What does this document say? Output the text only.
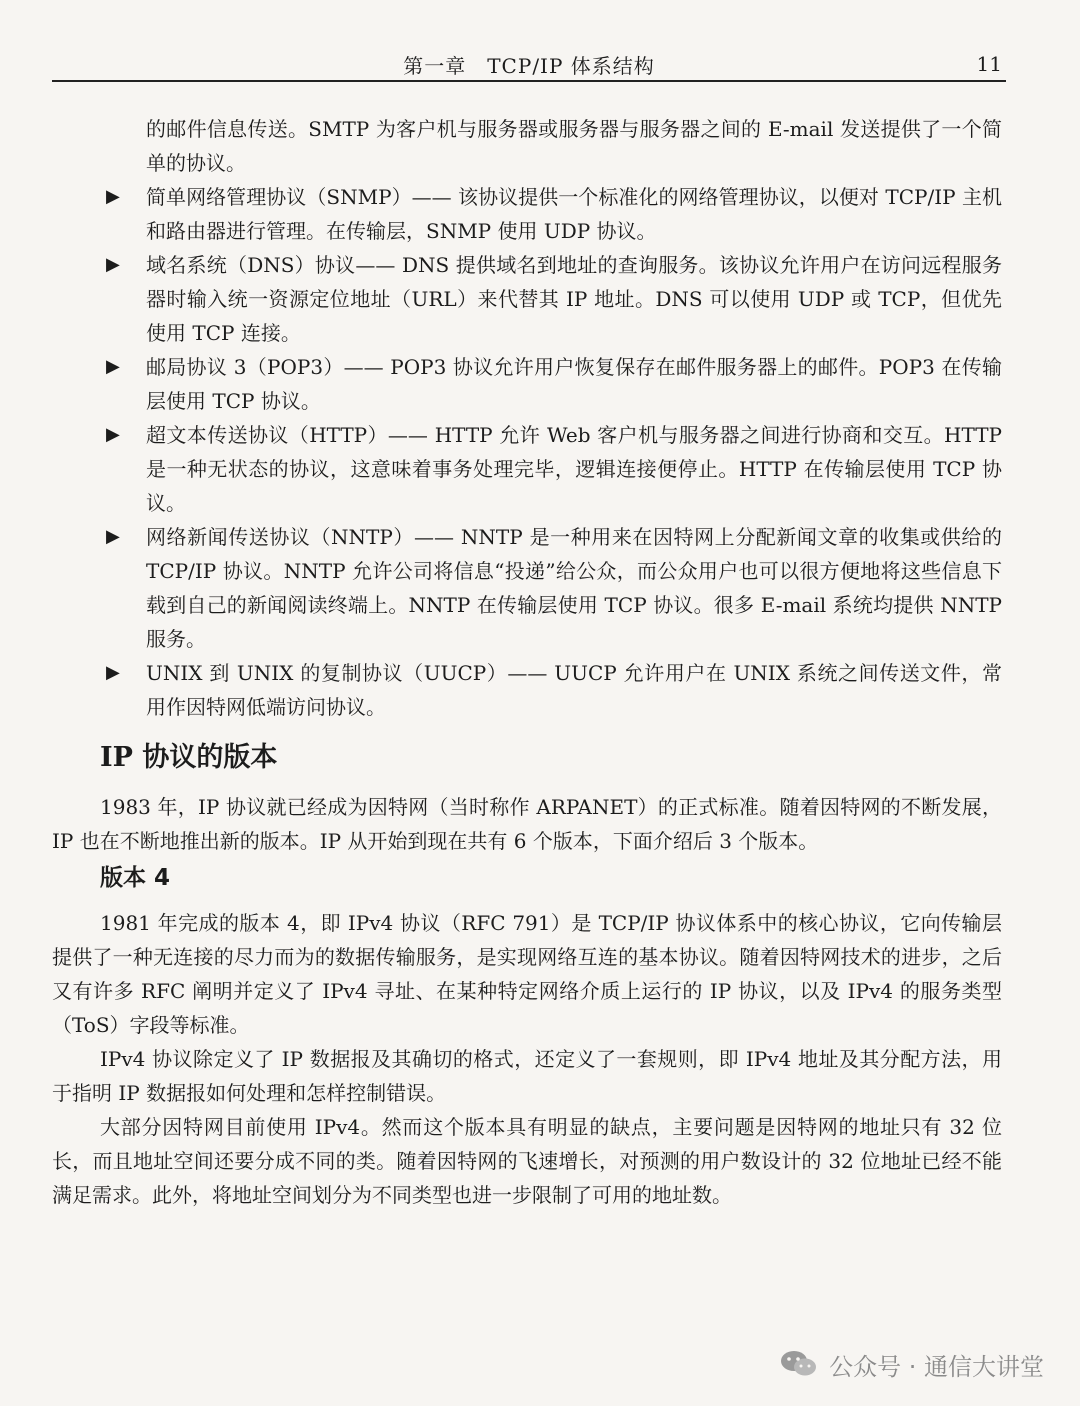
第一章　TCP/IP 体系结构	11
的邮件信息传送。SMTP 为客户机与服务器或服务器与服务器之间的 E-mail 发送提供了一个简单的协议。
▶ 简单网络管理协议（SNMP）—— 该协议提供一个标准化的网络管理协议，以便对 TCP/IP 主机和路由器进行管理。在传输层，SNMP 使用 UDP 协议。
▶ 域名系统（DNS）协议—— DNS 提供域名到地址的查询服务。该协议允许用户在访问远程服务器时输入统一资源定位地址（URL）来代替其 IP 地址。DNS 可以使用 UDP 或 TCP，但优先使用 TCP 连接。
▶ 邮局协议 3（POP3）—— POP3 协议允许用户恢复保存在邮件服务器上的邮件。POP3 在传输层使用 TCP 协议。
▶ 超文本传送协议（HTTP）—— HTTP 允许 Web 客户机与服务器之间进行协商和交互。HTTP 是一种无状态的协议，这意味着事务处理完毕，逻辑连接便停止。HTTP 在传输层使用 TCP 协议。
▶ 网络新闻传送协议（NNTP）—— NNTP 是一种用来在因特网上分配新闻文章的收集或供给的 TCP/IP 协议。NNTP 允许公司将信息“投递”给公众，而公众用户也可以很方便地将这些信息下载到自己的新闻阅读终端上。NNTP 在传输层使用 TCP 协议。很多 E-mail 系统均提供 NNTP 服务。
▶ UNIX 到 UNIX 的复制协议（UUCP）—— UUCP 允许用户在 UNIX 系统之间传送文件，常用作因特网低端访问协议。
IP 协议的版本

1983 年，IP 协议就已经成为因特网（当时称作 ARPANET）的正式标准。随着因特网的不断发展，IP 也在不断地推出新的版本。IP 从开始到现在共有 6 个版本，下面介绍后 3 个版本。

版本 4

1981 年完成的版本 4，即 IPv4 协议（RFC 791）是 TCP/IP 协议体系中的核心协议，它向传输层提供了一种无连接的尽力而为的数据传输服务，是实现网络互连的基本协议。随着因特网技术的进步，之后又有许多 RFC 阐明并定义了 IPv4 寻址、在某种特定网络介质上运行的 IP 协议，以及 IPv4 的服务类型（ToS）字段等标准。

IPv4 协议除定义了 IP 数据报及其确切的格式，还定义了一套规则，即 IPv4 地址及其分配方法，用于指明 IP 数据报如何处理和怎样控制错误。

大部分因特网目前使用 IPv4。然而这个版本具有明显的缺点，主要问题是因特网的地址只有 32 位长，而且地址空间还要分成不同的类。随着因特网的飞速增长，对预测的用户数设计的 32 位地址已经不能满足需求。此外，将地址空间划分为不同类型也进一步限制了可用的地址数。

公众号 · 通信大讲堂
